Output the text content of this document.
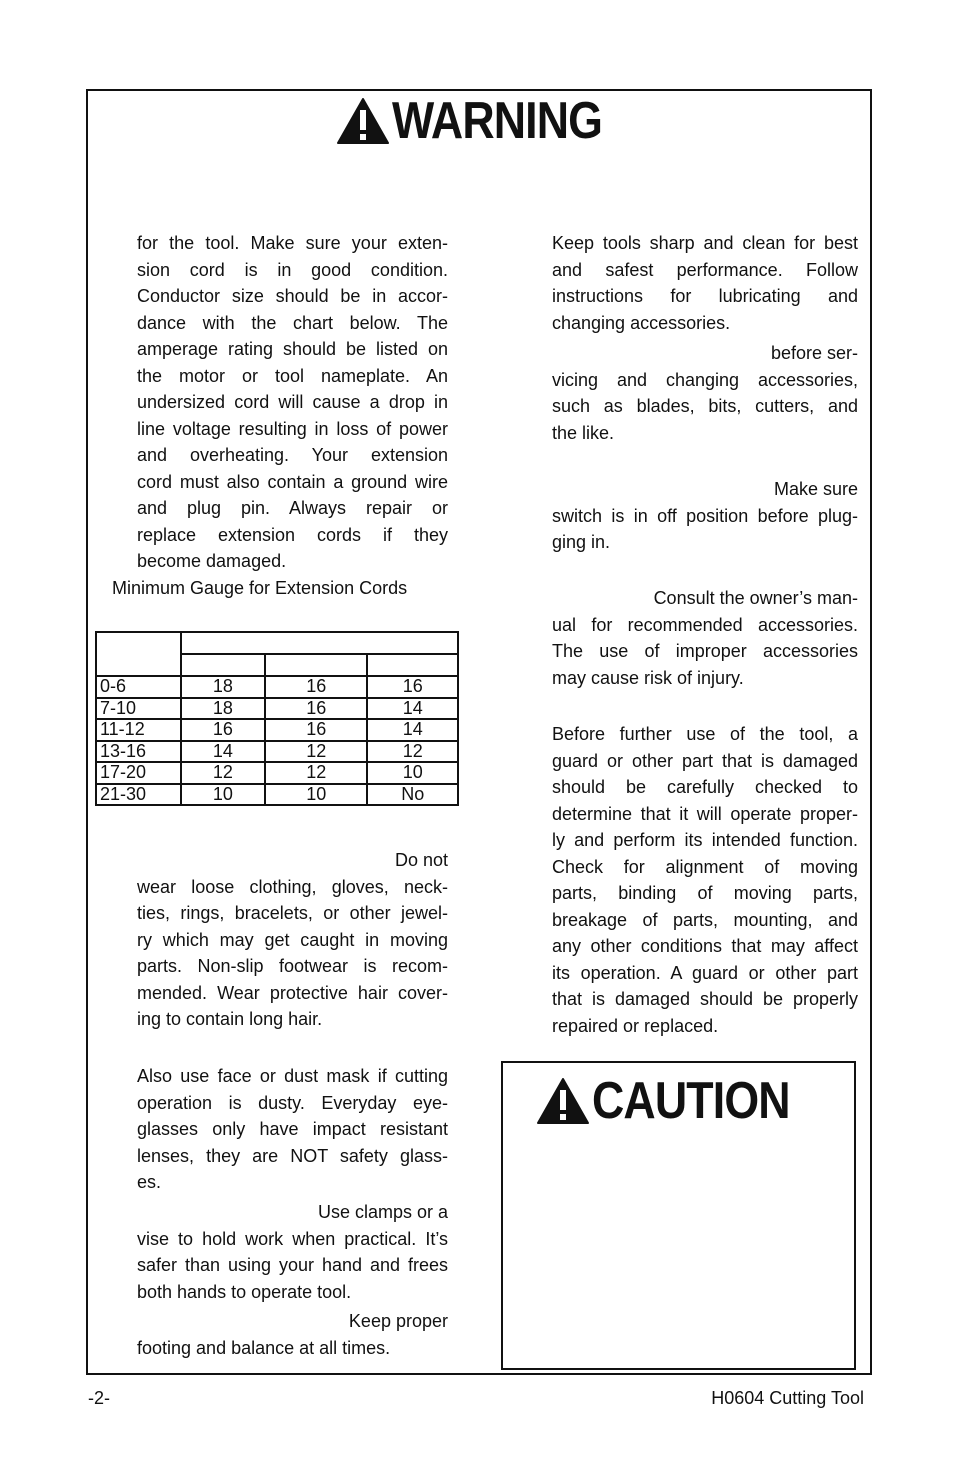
WARNING
for the tool. Make sure your exten-
sion cord is in good condition.
Conductor size should be in accor-
dance with the chart below. The
amperage rating should be listed on
the motor or tool nameplate. An
undersized cord will cause a drop in
line voltage resulting in loss of power
and overheating. Your extension
cord must also contain a ground wire
and plug pin. Always repair or
replace extension cords if they
become damaged.
Minimum Gauge for Extension Cords

0-6	18	16	16
7-10	18	16	14
11-12	16	16	14
13-16	14	12	12
17-20	12	12	10
21-30	10	10	No
Do not
wear loose clothing, gloves, neck-
ties, rings, bracelets, or other jewel-
ry which may get caught in moving
parts. Non-slip footwear is recom-
mended. Wear protective hair cover-
ing to contain long hair.
Also use face or dust mask if cutting
operation is dusty. Everyday eye-
glasses only have impact resistant
lenses, they are NOT safety glass-
es.
Use clamps or a
vise to hold work when practical. It’s
safer than using your hand and frees
both hands to operate tool.
Keep proper
footing and balance at all times.
Keep tools sharp and clean for best
and safest performance. Follow
instructions for lubricating and
changing accessories.
before ser-
vicing and changing accessories,
such as blades, bits, cutters, and
the like.
Make sure
switch is in off position before plug-
ging in.
Consult the owner’s man-
ual for recommended accessories.
The use of improper accessories
may cause risk of injury.
Before further use of the tool, a
guard or other part that is damaged
should be carefully checked to
determine that it will operate proper-
ly and perform its intended function.
Check for alignment of moving
parts, binding of moving parts,
breakage of parts, mounting, and
any other conditions that may affect
its operation. A guard or other part
that is damaged should be properly
repaired or replaced.
CAUTION
-2-	H0604 Cutting Tool
